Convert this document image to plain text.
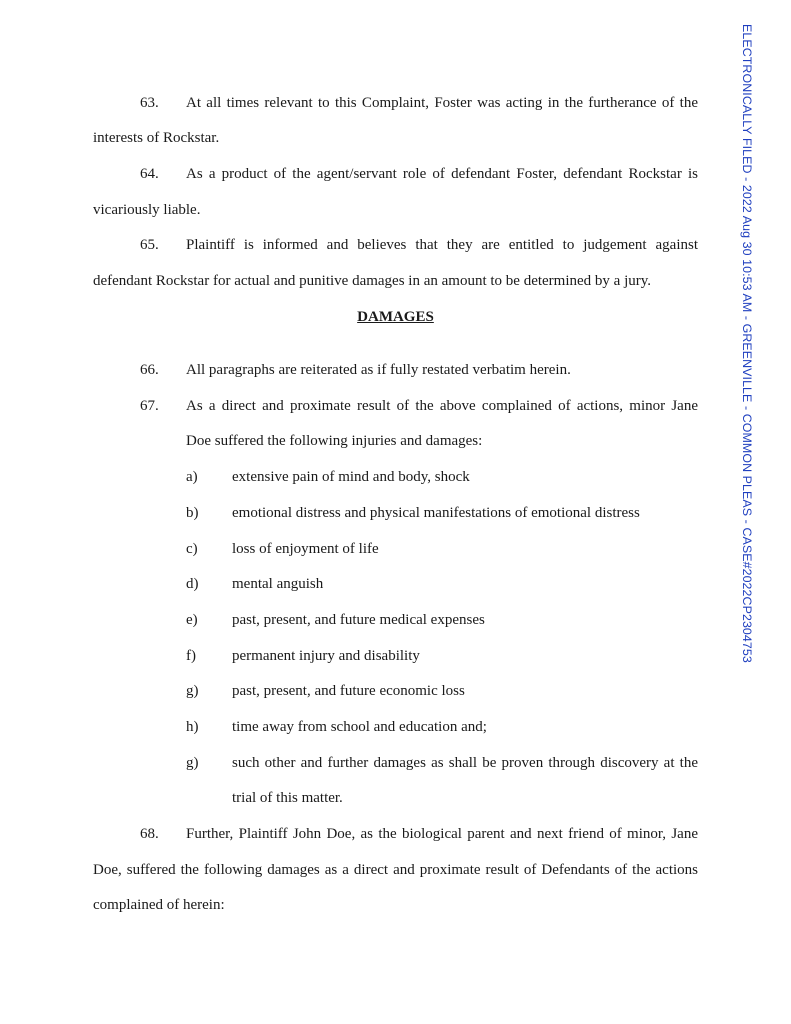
ELECTRONICALLY FILED - 2022 Aug 30 10:53 AM - GREENVILLE - COMMON PLEAS - CASE#2022CP2304753
63. At all times relevant to this Complaint, Foster was acting in the furtherance of the
interests of Rockstar.
64. As a product of the agent/servant role of defendant Foster, defendant Rockstar is
vicariously liable.
65. Plaintiff is informed and believes that they are entitled to judgement against
defendant Rockstar for actual and punitive damages in an amount to be determined by a jury.
DAMAGES
66. All paragraphs are reiterated as if fully restated verbatim herein.
67. As a direct and proximate result of the above complained of actions, minor Jane
Doe suffered the following injuries and damages:
a) extensive pain of mind and body, shock
b) emotional distress and physical manifestations of emotional distress
c) loss of enjoyment of life
d) mental anguish
e) past, present, and future medical expenses
f) permanent injury and disability
g) past, present, and future economic loss
h) time away from school and education and;
g) such other and further damages as shall be proven through discovery at the
trial of this matter.
68. Further, Plaintiff John Doe, as the biological parent and next friend of minor, Jane
Doe, suffered the following damages as a direct and proximate result of Defendants of the actions
complained of herein:
